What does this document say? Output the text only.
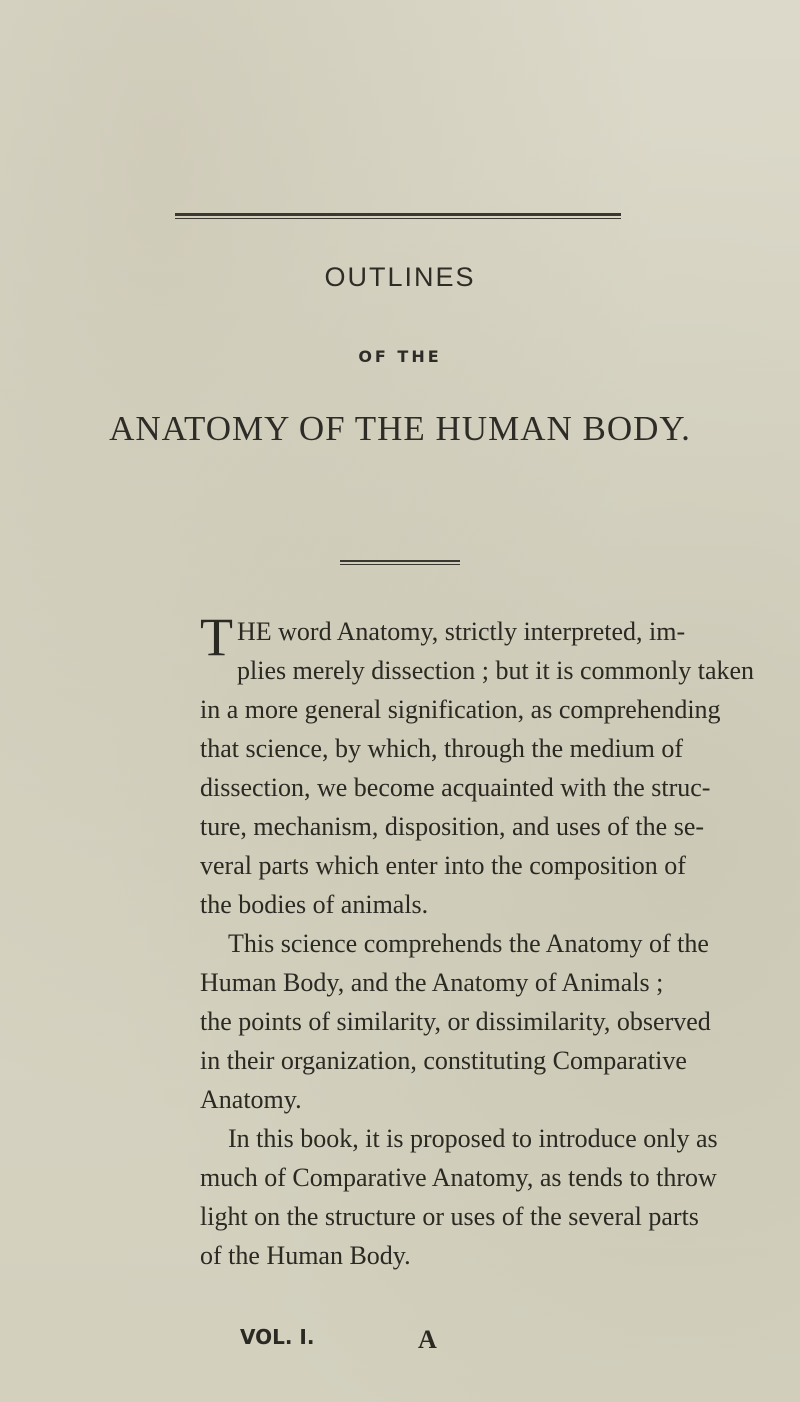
OUTLINES
OF THE
ANATOMY OF THE HUMAN BODY.

T HE word Anatomy, strictly interpreted, im-
plies merely dissection ; but it is commonly taken
in a more general signification, as comprehending
that science, by which, through the medium of
dissection, we become acquainted with the struc-
ture, mechanism, disposition, and uses of the se-
veral parts which enter into the composition of
the bodies of animals.

This science comprehends the Anatomy of the
Human Body, and the Anatomy of Animals ;
the points of similarity, or dissimilarity, observed
in their organization, constituting Comparative
Anatomy.

In this book, it is proposed to introduce only as
much of Comparative Anatomy, as tends to throw
light on the structure or uses of the several parts
of the Human Body.

VOL. I.	A
